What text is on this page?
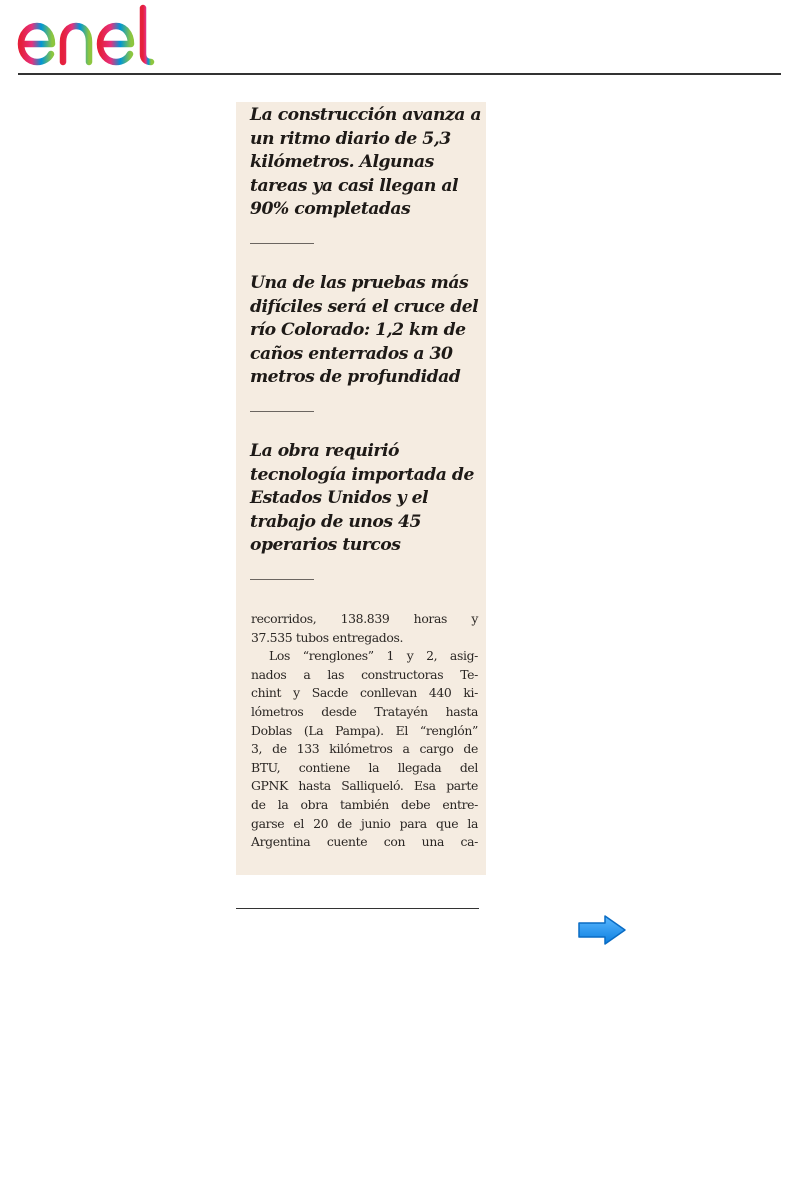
La construcción avanza a un ritmo diario de 5,3 kilómetros. Algunas tareas ya casi llegan al 90% completadas

Una de las pruebas más difíciles será el cruce del río Colorado: 1,2 km de caños enterrados a 30 metros de profundidad

La obra requirió tecnología importada de Estados Unidos y el trabajo de unos 45 operarios turcos

recorridos, 138.839 horas y
37.535 tubos entregados.
Los “renglones” 1 y 2, asig-
nados a las constructoras Te-
chint y Sacde conllevan 440 ki-
lómetros desde Tratayén hasta
Doblas (La Pampa). El “renglón”
3, de 133 kilómetros a cargo de
BTU, contiene la llegada del
GPNK hasta Salliqueló. Esa parte
de la obra también debe entre-
garse el 20 de junio para que la
Argentina cuente con una ca-
